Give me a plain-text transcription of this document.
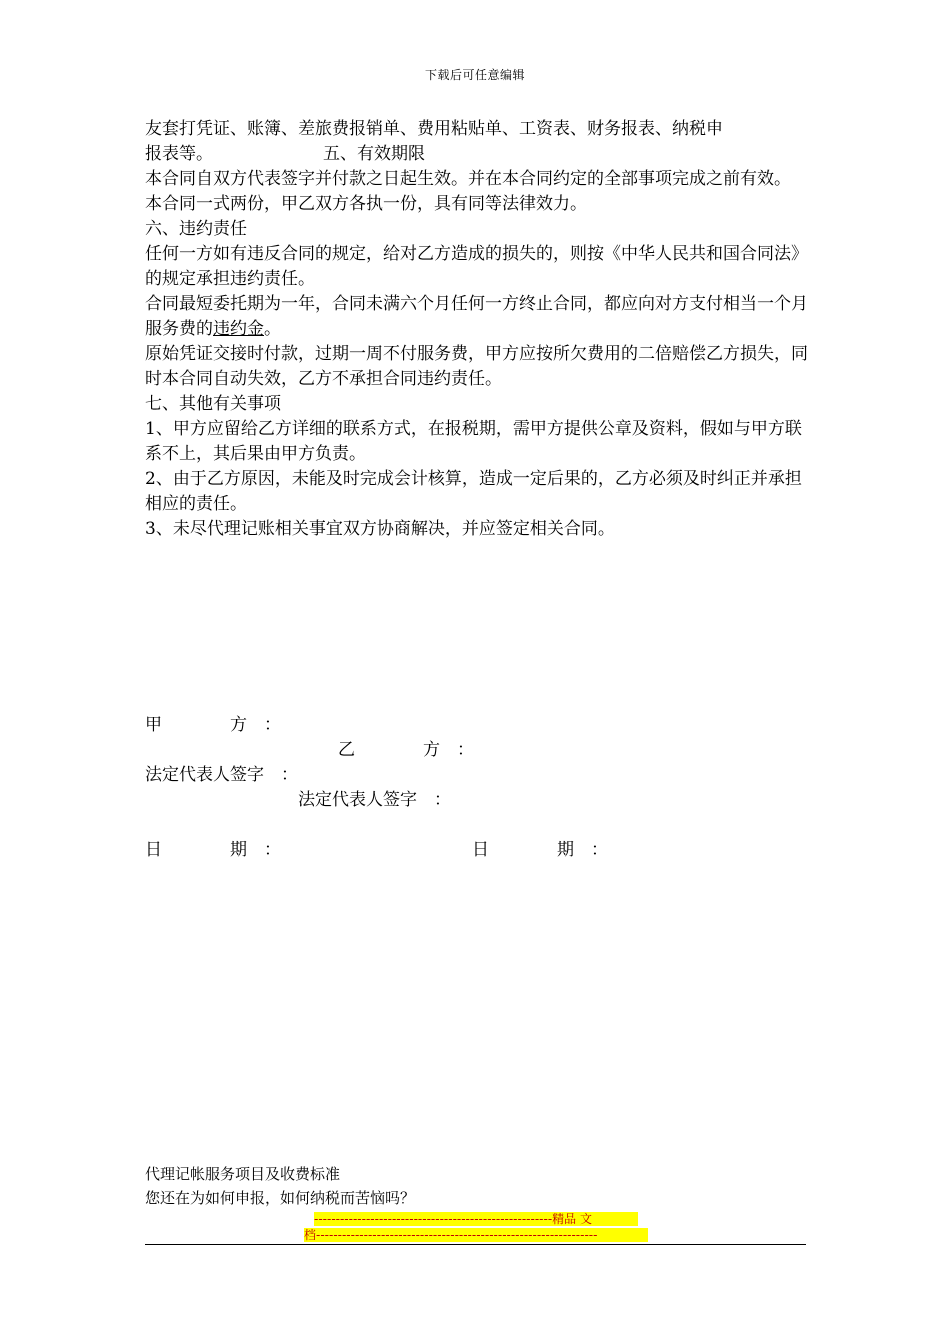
下载后可任意编辑

友套打凭证、账簿、差旅费报销单、费用粘贴单、工资表、财务报表、纳税申
报表等。	五、有效期限

本合同自双方代表签字并付款之日起生效。并在本合同约定的全部事项完成之前有效。

本合同一式两份，甲乙双方各执一份，具有同等法律效力。

六、违约责任

任何一方如有违反合同的规定，给对乙方造成的损失的，则按《中华人民共和国合同法》的规定承担违约责任。

合同最短委托期为一年，合同未满六个月任何一方终止合同，都应向对方支付相当一个月服务费的违约金。

原始凭证交接时付款，过期一周不付服务费，甲方应按所欠费用的二倍赔偿乙方损失，同时本合同自动失效，乙方不承担合同违约责任。

七、其他有关事项

1、甲方应留给乙方详细的联系方式，在报税期，需甲方提供公章及资料，假如与甲方联系不上，其后果由甲方负责。

2、由于乙方原因，未能及时完成会计核算，造成一定后果的，乙方必须及时纠正并承担相应的责任。

3、未尽代理记账相关事宜双方协商解决，并应签定相关合同。

甲　　　　方　：
乙　　　　方　：
法定代表人签字　：
法定代表人签字　：
日　　　　期　：	日　　　　期　：
代理记帐服务项目及收费标准
您还在为如何申报，如何纳税而苦恼吗？
-------------------------------------------------------精品 文
档-----------------------------------------------------------------
